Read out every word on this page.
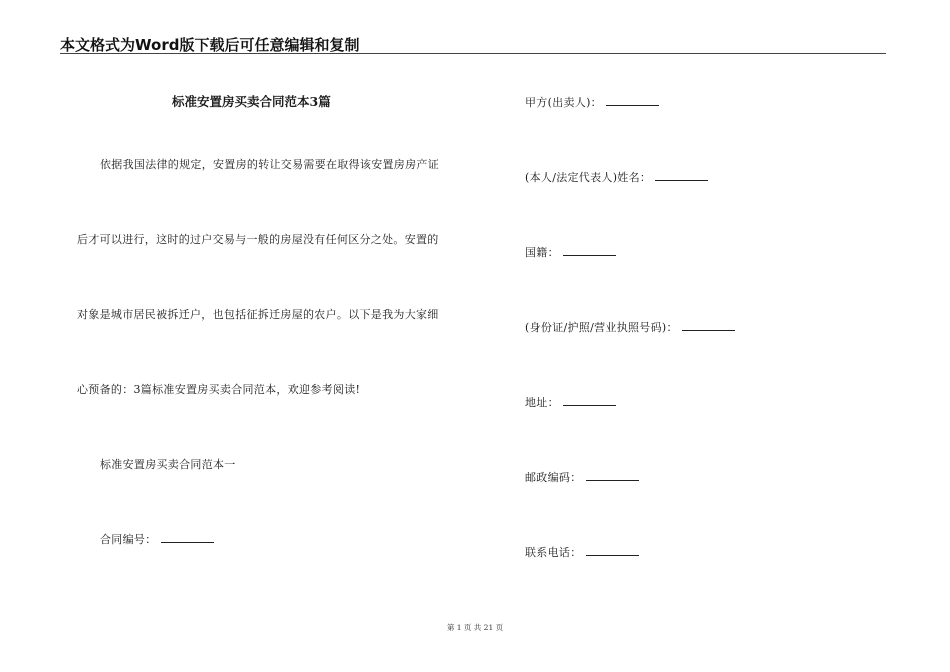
本文格式为Word版下载后可任意编辑和复制
标准安置房买卖合同范本3篇
依据我国法律的规定，安置房的转让交易需要在取得该安置房房产证
后才可以进行，这时的过户交易与一般的房屋没有任何区分之处。安置的
对象是城市居民被拆迁户，也包括征拆迁房屋的农户。以下是我为大家细
心预备的：3篇标准安置房买卖合同范本，欢迎参考阅读!
标准安置房买卖合同范本一
合同编号：
甲方(出卖人)：
(本人/法定代表人)姓名：
国籍：
(身份证/护照/营业执照号码)：
地址：
邮政编码：
联系电话：
第 1 页 共 21 页
